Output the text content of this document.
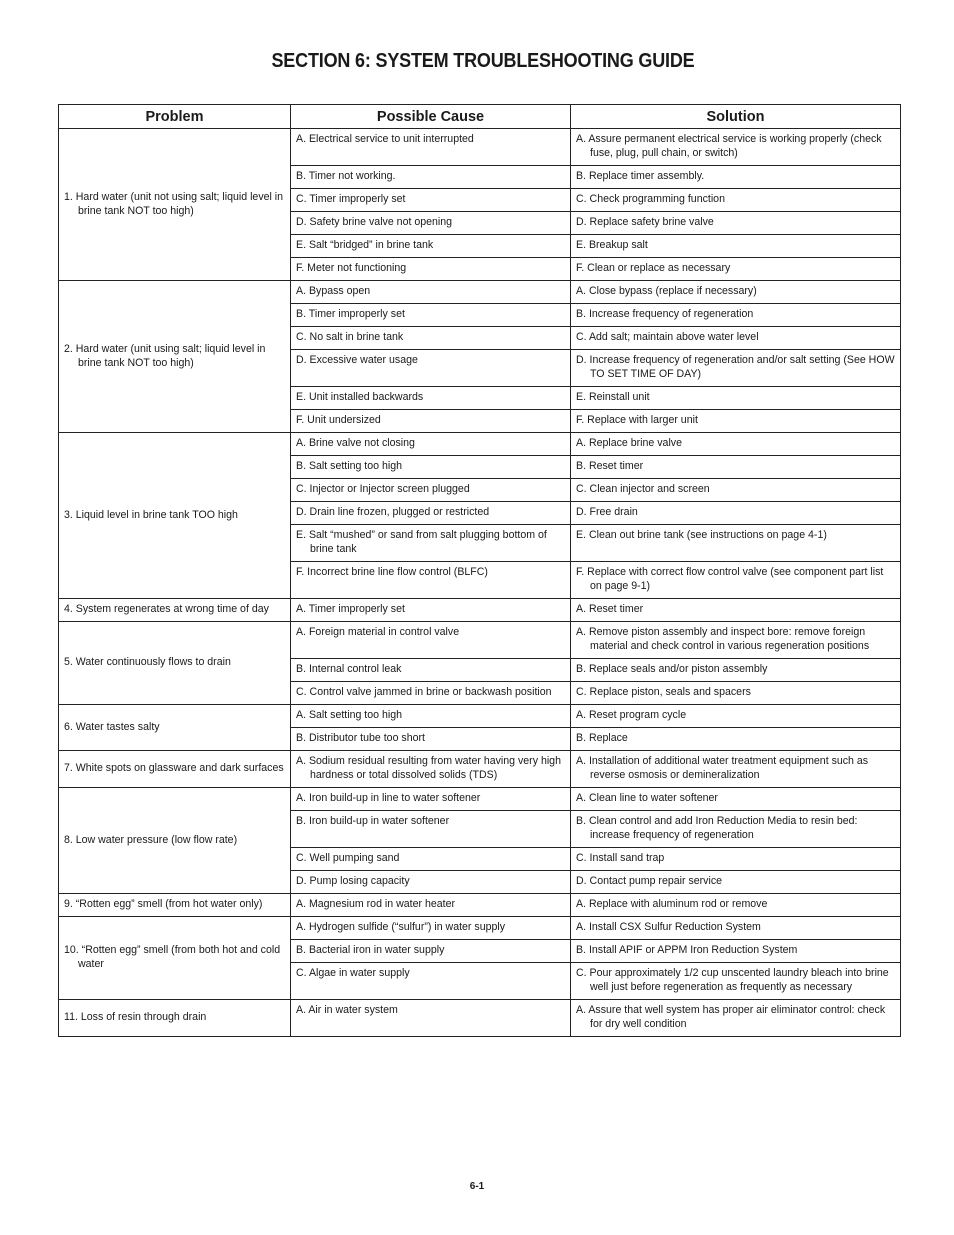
SECTION 6: SYSTEM TROUBLESHOOTING GUIDE
Problem	Possible Cause	Solution

1. Hard water (unit not using salt; liquid level in brine tank NOT too high)	A. Electrical service to unit interrupted	A. Assure permanent electrical service is working properly (check fuse, plug, pull chain, or switch)

	B. Timer not working.	B. Replace timer assembly.

	C. Timer improperly set	C. Check programming function

	D. Safety brine valve not opening	D. Replace safety brine valve

	E. Salt “bridged” in brine tank	E. Breakup salt

	F. Meter not functioning	F. Clean or replace as necessary

2. Hard water (unit using salt; liquid level in brine tank NOT too high)	A. Bypass open	A. Close bypass (replace if necessary)

	B. Timer improperly set	B. Increase frequency of regeneration

	C. No salt in brine tank	C. Add salt; maintain above water level

	D. Excessive water usage	D. Increase frequency of regeneration and/or salt setting (See HOW TO SET TIME OF DAY)

	E. Unit installed backwards	E. Reinstall unit

	F. Unit undersized	F. Replace with larger unit

3. Liquid level in brine tank TOO high	A. Brine valve not closing	A. Replace brine valve

	B. Salt setting too high	B. Reset timer

	C. Injector or Injector screen plugged	C. Clean injector and screen

	D. Drain line frozen, plugged or restricted	D. Free drain

	E. Salt “mushed” or sand from salt plugging bottom of brine tank	E. Clean out brine tank (see instructions on page 4-1)

	F. Incorrect brine line flow control (BLFC)	F. Replace with correct flow control valve (see component part list on page 9-1)

4. System regenerates at wrong time of day	A. Timer improperly set	A. Reset timer

5. Water continuously flows to drain	A. Foreign material in control valve	A. Remove piston assembly and inspect bore: remove foreign material and check control in various regeneration positions

	B. Internal control leak	B. Replace seals and/or piston assembly

	C. Control valve jammed in brine or backwash position	C. Replace piston, seals and spacers

6. Water tastes salty	A. Salt setting too high	A. Reset program cycle

	B. Distributor tube too short	B. Replace

7. White spots on glassware and dark surfaces	A. Sodium residual resulting from water having very high hardness or total dissolved solids (TDS)	A. Installation of additional water treatment equipment such as reverse osmosis or demineralization

8. Low water pressure (low flow rate)	A. Iron build-up in line to water softener	A. Clean line to water softener

	B. Iron build-up in water softener	B. Clean control and add Iron Reduction Media to resin bed: increase frequency of regeneration

	C. Well pumping sand	C. Install sand trap

	D. Pump losing capacity	D. Contact pump repair service

9. “Rotten egg” smell (from hot water only)	A. Magnesium rod in water heater	A. Replace with aluminum rod or remove

10. “Rotten egg” smell (from both hot and cold water	A. Hydrogen sulfide (“sulfur”) in water supply	A. Install CSX Sulfur Reduction System

	B. Bacterial iron in water supply	B. Install APIF or APPM Iron Reduction System

	C. Algae in water supply	C. Pour approximately 1/2 cup unscented laundry bleach into brine well just before regeneration as frequently as necessary

11. Loss of resin through drain	A. Air in water system	A. Assure that well system has proper air eliminator control: check for dry well condition
6-1
